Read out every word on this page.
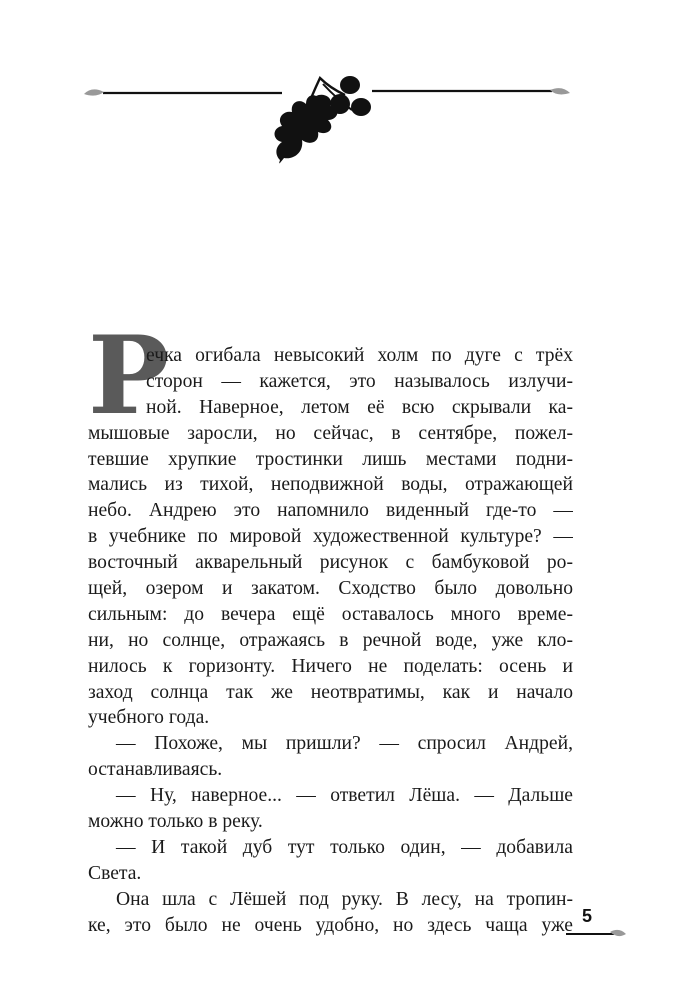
Р
ечка огибала невысокий холм по дуге с трёх
сторон — кажется, это называлось излучи-
ной. Наверное, летом её всю скрывали ка-
мышовые заросли, но сейчас, в сентябре, пожел-
тевшие хрупкие тростинки лишь местами подни-
мались из тихой, неподвижной воды, отражающей
небо. Андрею это напомнило виденный где-то —
в учебнике по мировой художественной культуре? —
восточный акварельный рисунок с бамбуковой ро-
щей, озером и закатом. Сходство было довольно
сильным: до вечера ещё оставалось много време-
ни, но солнце, отражаясь в речной воде, уже кло-
нилось к горизонту. Ничего не поделать: осень и
заход солнца так же неотвратимы, как и начало
учебного года.
— Похоже, мы пришли? — спросил Андрей,
останавливаясь.
— Ну, наверное... — ответил Лёша. — Дальше
можно только в реку.
— И такой дуб тут только один, — добавила
Света.
Она шла с Лёшей под руку. В лесу, на тропин-
ке, это было не очень удобно, но здесь чаща уже 5
